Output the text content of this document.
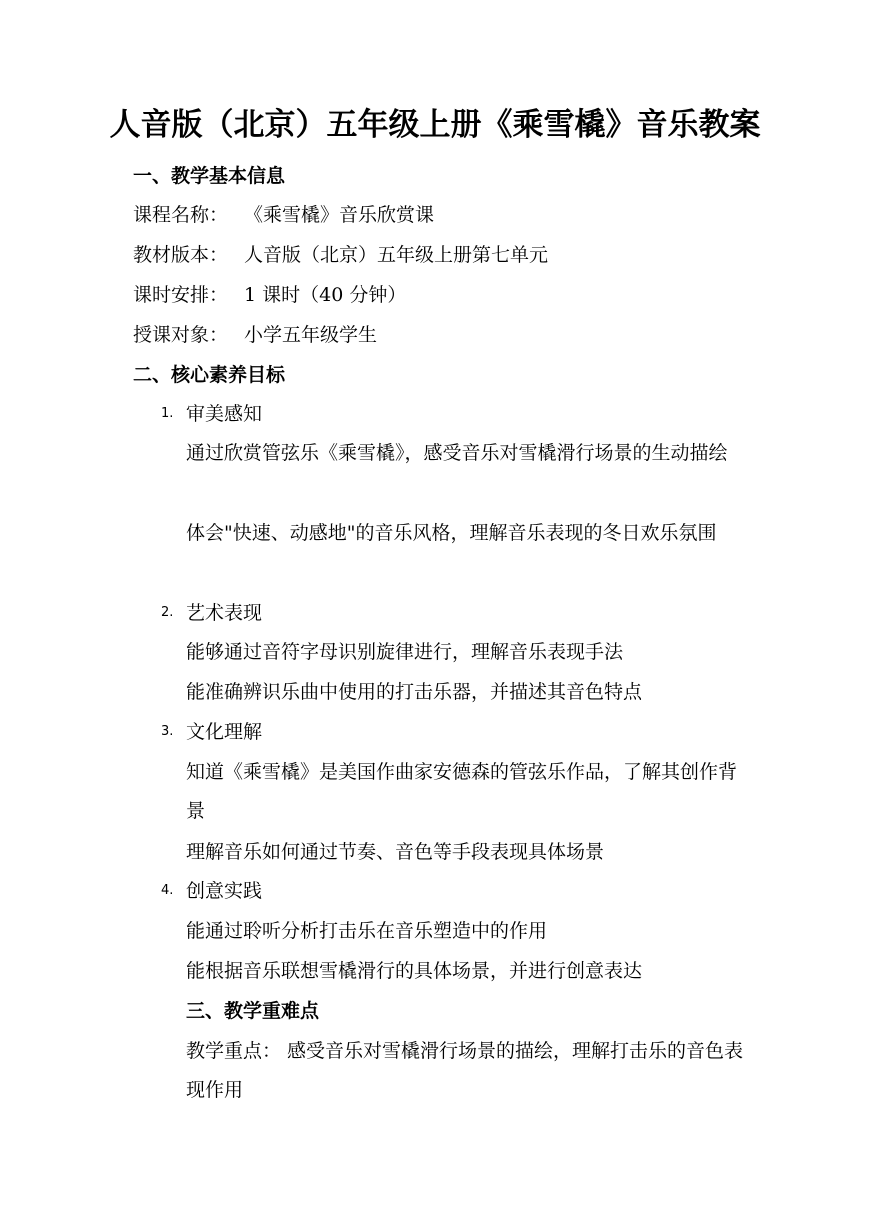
人音版（北京）五年级上册《乘雪橇》音乐教案
一、教学基本信息
课程名称： 《乘雪橇》音乐欣赏课
教材版本： 人音版（北京）五年级上册第七单元
课时安排： 1 课时（40 分钟）
授课对象： 小学五年级学生
二、核心素养目标
1. 审美感知
通过欣赏管弦乐《乘雪橇》，感受音乐对雪橇滑行场景的生动描绘
体会"快速、动感地"的音乐风格，理解音乐表现的冬日欢乐氛围
2. 艺术表现
能够通过音符字母识别旋律进行，理解音乐表现手法
能准确辨识乐曲中使用的打击乐器，并描述其音色特点
3. 文化理解
知道《乘雪橇》是美国作曲家安德森的管弦乐作品，了解其创作背景
理解音乐如何通过节奏、音色等手段表现具体场景
4. 创意实践
能通过聆听分析打击乐在音乐塑造中的作用
能根据音乐联想雪橇滑行的具体场景，并进行创意表达
三、教学重难点
教学重点： 感受音乐对雪橇滑行场景的描绘，理解打击乐的音色表现作用
